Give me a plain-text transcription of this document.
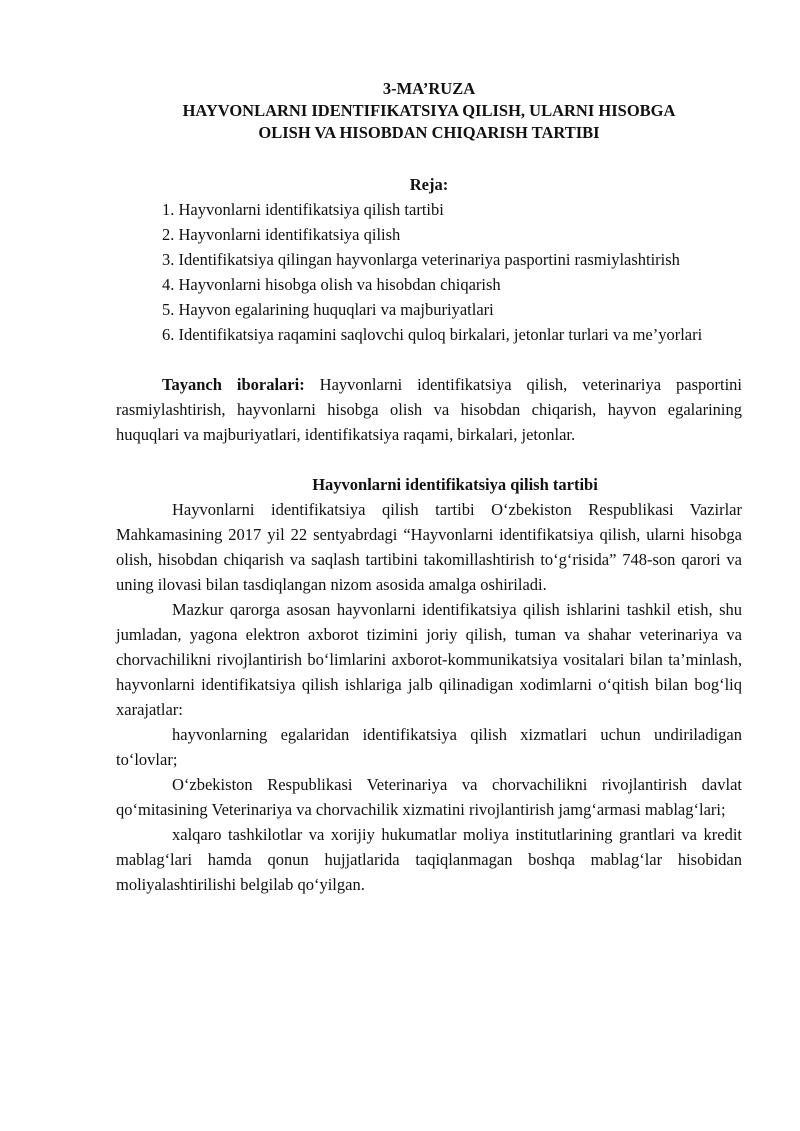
3-MA’RUZA
HAYVONLARNI IDENTIFIKATSIYA QILISH, ULARNI HISOBGA
OLISH VA HISOBDAN CHIQARISH TARTIBI
Reja:

1. Hayvonlarni identifikatsiya qilish tartibi

2. Hayvonlarni identifikatsiya qilish

3. Identifikatsiya qilingan hayvonlarga veterinariya pasportini rasmiylashtirish

4. Hayvonlarni hisobga olish va hisobdan chiqarish

5. Hayvon egalarining huquqlari va majburiyatlari

6. Identifikatsiya raqamini saqlovchi quloq birkalari, jetonlar turlari va me’yorlari

Tayanch iboralari: Hayvonlarni identifikatsiya qilish, veterinariya pasportini rasmiylashtirish, hayvonlarni hisobga olish va hisobdan chiqarish, hayvon egalarining huquqlari va majburiyatlari, identifikatsiya raqami, birkalari, jetonlar.

Hayvonlarni identifikatsiya qilish tartibi

Hayvonlarni identifikatsiya qilish tartibi O‘zbekiston Respublikasi Vazirlar Mahkamasining 2017 yil 22 sentyabrdagi “Hayvonlarni identifikatsiya qilish, ularni hisobga olish, hisobdan chiqarish va saqlash tartibini takomillashtirish to‘g‘risida” 748-son qarori va uning ilovasi bilan tasdiqlangan nizom asosida amalga oshiriladi.

Mazkur qarorga asosan hayvonlarni identifikatsiya qilish ishlarini tashkil etish, shu jumladan, yagona elektron axborot tizimini joriy qilish, tuman va shahar veterinariya va chorvachilikni rivojlantirish bo‘limlarini axborot-kommunikatsiya vositalari bilan ta’minlash, hayvonlarni identifikatsiya qilish ishlariga jalb qilinadigan xodimlarni o‘qitish bilan bog‘liq xarajatlar:

hayvonlarning egalaridan identifikatsiya qilish xizmatlari uchun undiriladigan to‘lovlar;

O‘zbekiston Respublikasi Veterinariya va chorvachilikni rivojlantirish davlat qo‘mitasining Veterinariya va chorvachilik xizmatini rivojlantirish jamg‘armasi mablag‘lari;

xalqaro tashkilotlar va xorijiy hukumatlar moliya institutlarining grantlari va kredit mablag‘lari hamda qonun hujjatlarida taqiqlanmagan boshqa mablag‘lar hisobidan moliyalashtirilishi belgilab qo‘yilgan.
